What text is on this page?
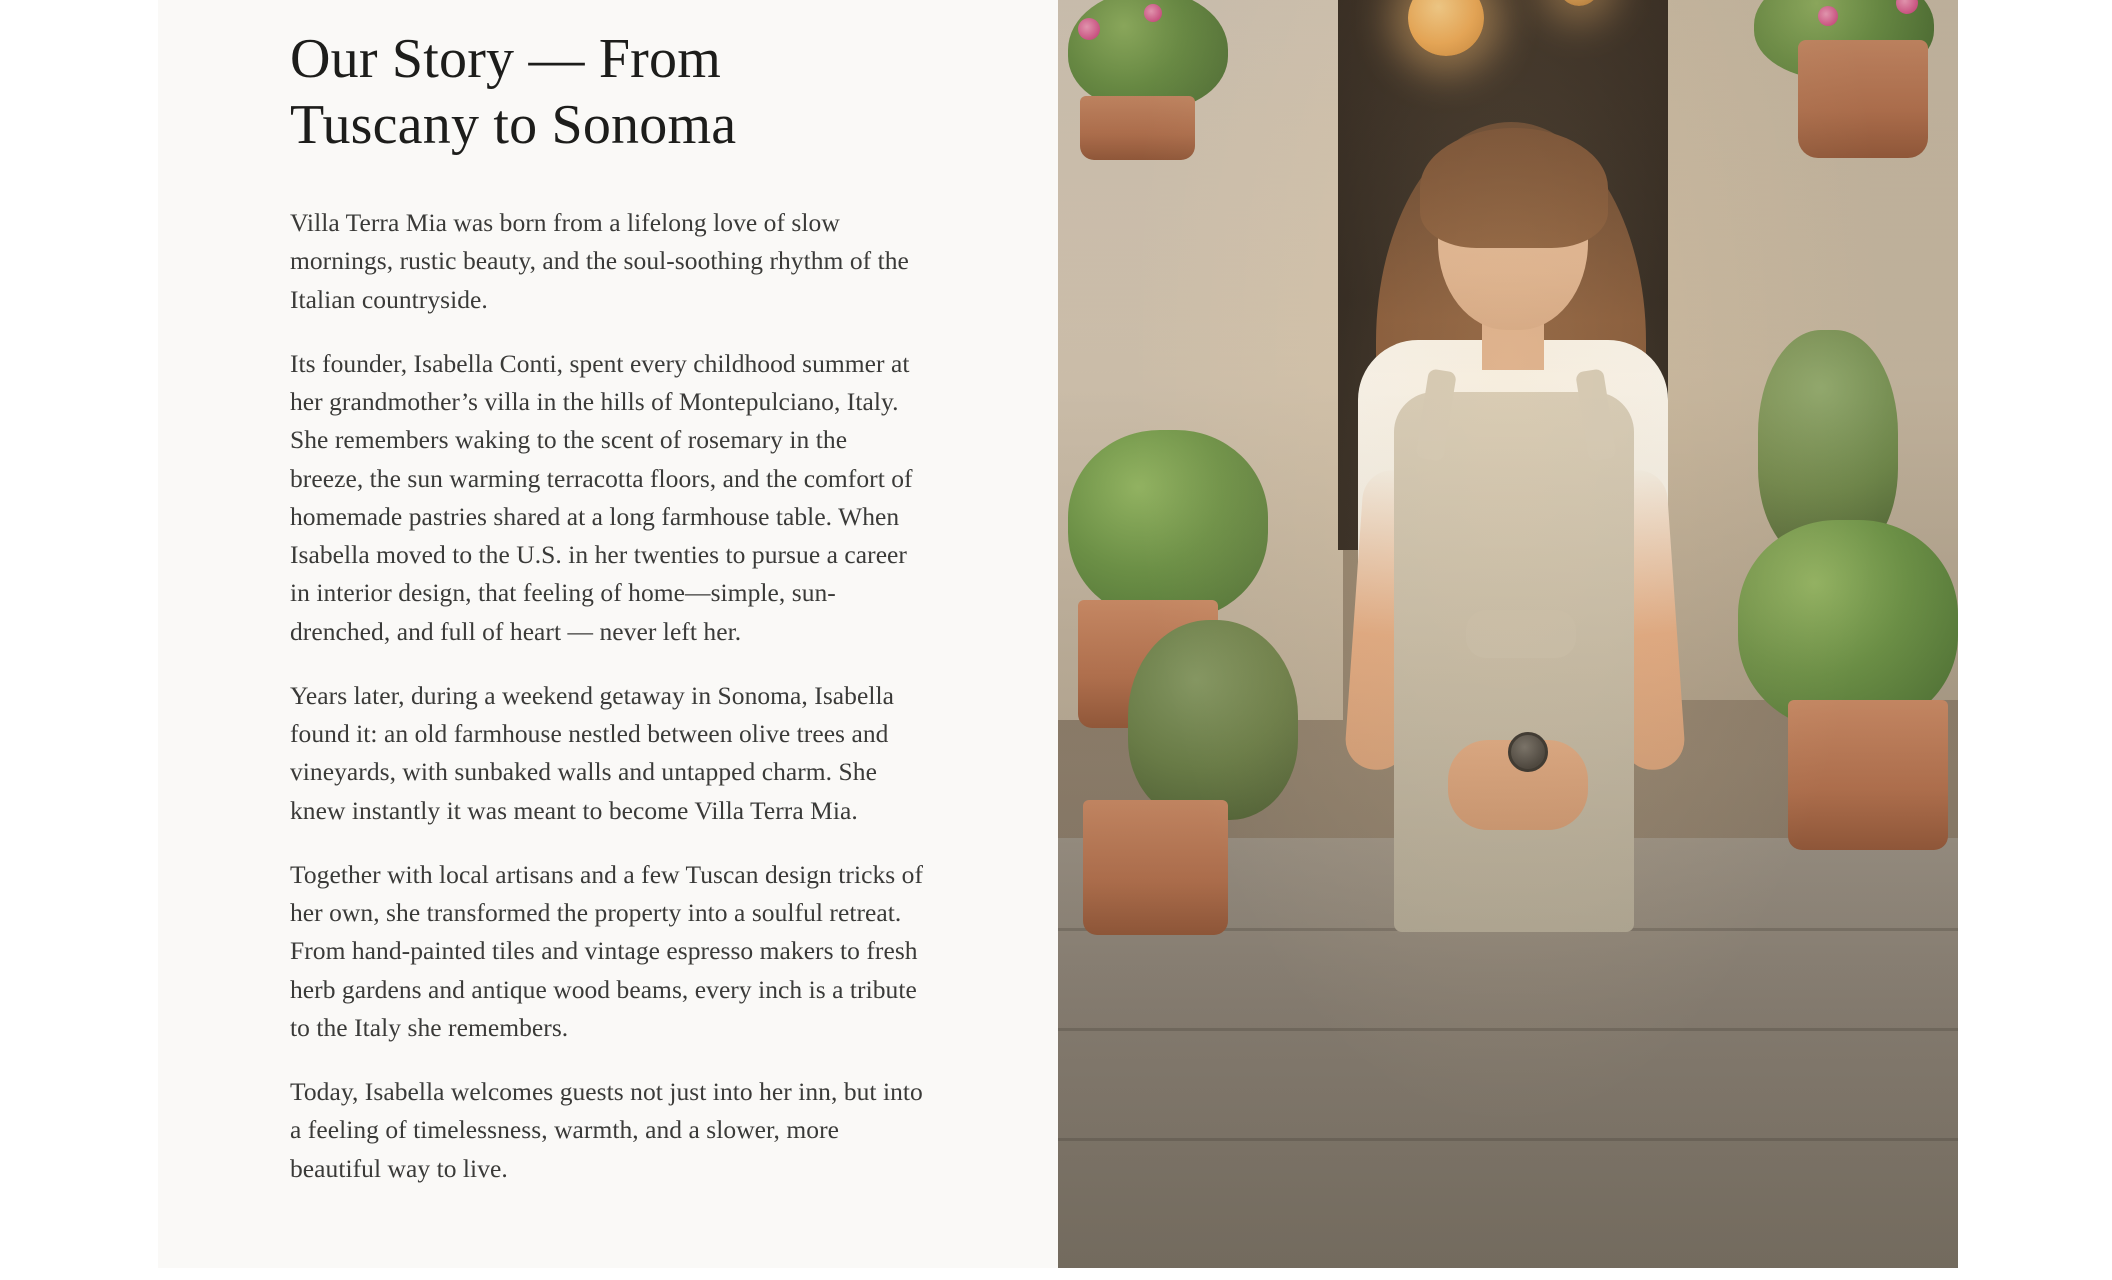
Our Story — From Tuscany to Sonoma

Villa Terra Mia was born from a lifelong love of slow mornings, rustic beauty, and the soul-soothing rhythm of the Italian countryside.

Its founder, Isabella Conti, spent every childhood summer at her grandmother’s villa in the hills of Montepulciano, Italy. She remembers waking to the scent of rosemary in the breeze, the sun warming terracotta floors, and the comfort of homemade pastries shared at a long farmhouse table. When Isabella moved to the U.S. in her twenties to pursue a career in interior design, that feeling of home—simple, sun-drenched, and full of heart — never left her.

Years later, during a weekend getaway in Sonoma, Isabella found it: an old farmhouse nestled between olive trees and vineyards, with sunbaked walls and untapped charm. She knew instantly it was meant to become Villa Terra Mia.

Together with local artisans and a few Tuscan design tricks of her own, she transformed the property into a soulful retreat. From hand-painted tiles and vintage espresso makers to fresh herb gardens and antique wood beams, every inch is a tribute to the Italy she remembers.

Today, Isabella welcomes guests not just into her inn, but into a feeling of timelessness, warmth, and a slower, more beautiful way to live.
